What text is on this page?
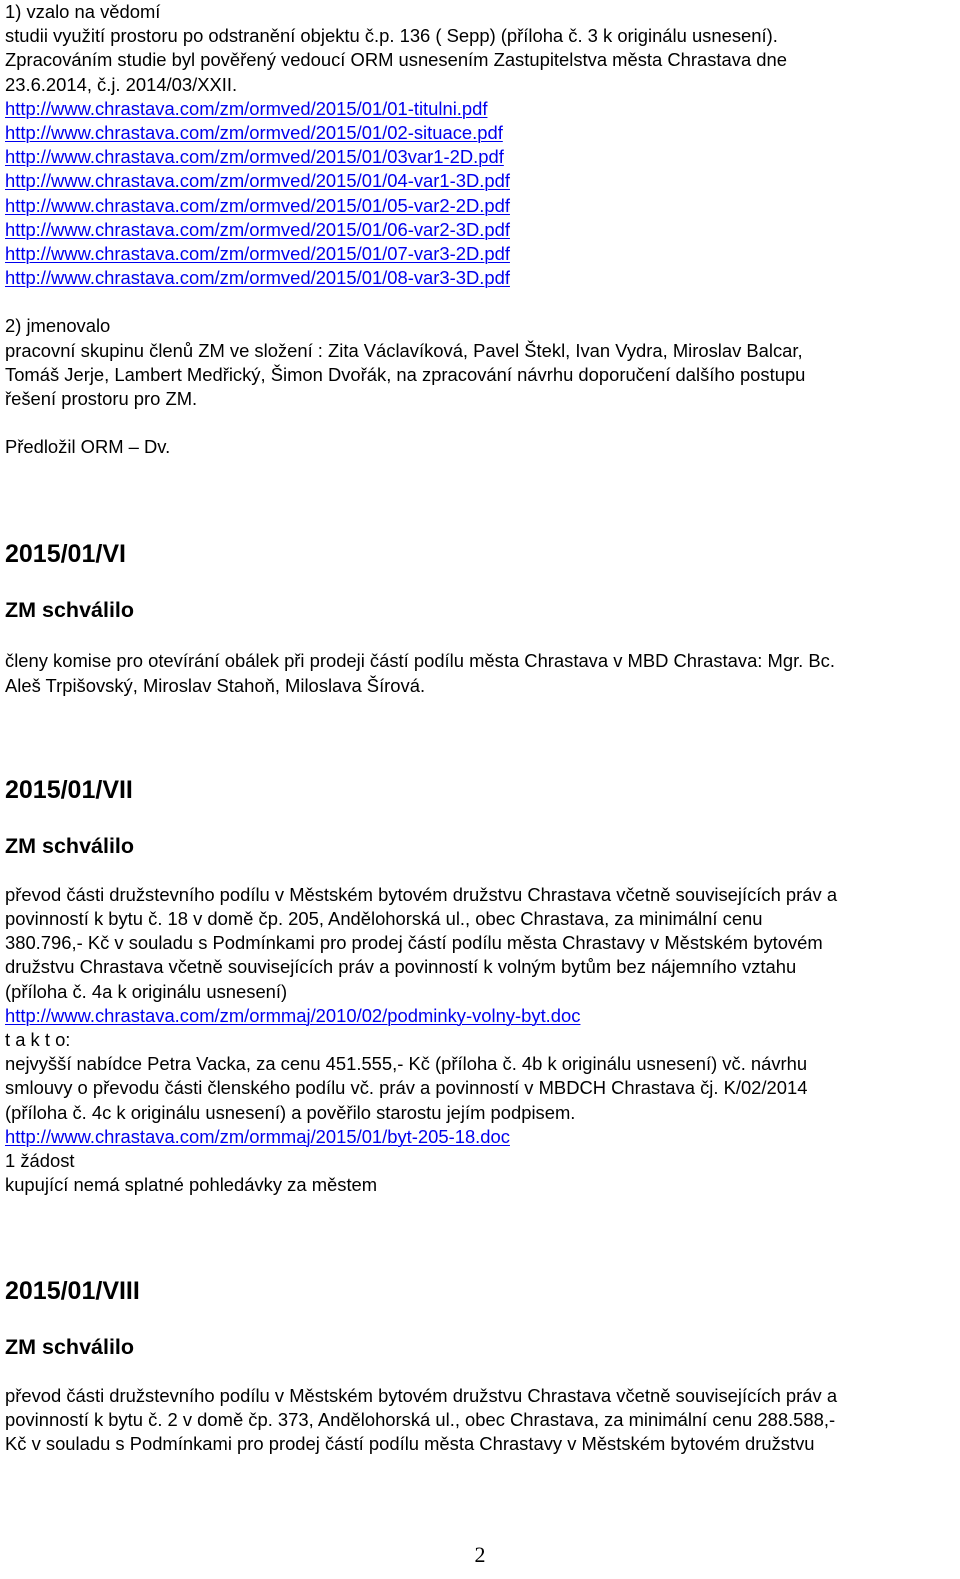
1) vzalo na vědomí
studii využití prostoru po odstranění objektu č.p. 136 ( Sepp) (příloha č. 3 k originálu usnesení).
Zpracováním studie byl pověřený vedoucí ORM usnesením Zastupitelstva města Chrastava dne
23.6.2014, č.j. 2014/03/XXII.
http://www.chrastava.com/zm/ormved/2015/01/01-titulni.pdf
http://www.chrastava.com/zm/ormved/2015/01/02-situace.pdf
http://www.chrastava.com/zm/ormved/2015/01/03var1-2D.pdf
http://www.chrastava.com/zm/ormved/2015/01/04-var1-3D.pdf
http://www.chrastava.com/zm/ormved/2015/01/05-var2-2D.pdf
http://www.chrastava.com/zm/ormved/2015/01/06-var2-3D.pdf
http://www.chrastava.com/zm/ormved/2015/01/07-var3-2D.pdf
http://www.chrastava.com/zm/ormved/2015/01/08-var3-3D.pdf
2) jmenovalo
pracovní skupinu členů ZM ve složení : Zita Václavíková, Pavel Štekl, Ivan Vydra, Miroslav Balcar,
Tomáš Jerje, Lambert Medřický, Šimon Dvořák, na zpracování návrhu doporučení dalšího postupu
řešení prostoru pro ZM.
Předložil ORM – Dv.
2015/01/VI
ZM schválilo
členy komise pro otevírání obálek při prodeji částí podílu města Chrastava v MBD Chrastava: Mgr. Bc.
Aleš Trpišovský, Miroslav Stahoň, Miloslava Šírová.
2015/01/VII
ZM schválilo
převod části družstevního podílu v Městském bytovém družstvu Chrastava včetně souvisejících práv a
povinností k bytu č. 18 v domě čp. 205, Andělohorská ul., obec Chrastava, za minimální cenu
380.796,- Kč v souladu s Podmínkami pro prodej částí podílu města Chrastavy v Městském bytovém
družstvu Chrastava včetně souvisejících práv a povinností k volným bytům bez nájemního vztahu
(příloha č. 4a k originálu usnesení)
http://www.chrastava.com/zm/ormmaj/2010/02/podminky-volny-byt.doc
t a k t o:
nejvyšší nabídce Petra Vacka, za cenu 451.555,- Kč (příloha č. 4b k originálu usnesení) vč. návrhu
smlouvy o převodu části členského podílu vč. práv a povinností v MBDCH Chrastava čj. K/02/2014
(příloha č. 4c k originálu usnesení) a pověřilo starostu jejím podpisem.
http://www.chrastava.com/zm/ormmaj/2015/01/byt-205-18.doc
1 žádost
kupující nemá splatné pohledávky za městem
2015/01/VIII
ZM schválilo
převod části družstevního podílu v Městském bytovém družstvu Chrastava včetně souvisejících práv a
povinností k bytu č. 2 v domě čp. 373, Andělohorská ul., obec Chrastava, za minimální cenu 288.588,-
Kč v souladu s Podmínkami pro prodej částí podílu města Chrastavy v Městském bytovém družstvu
2
